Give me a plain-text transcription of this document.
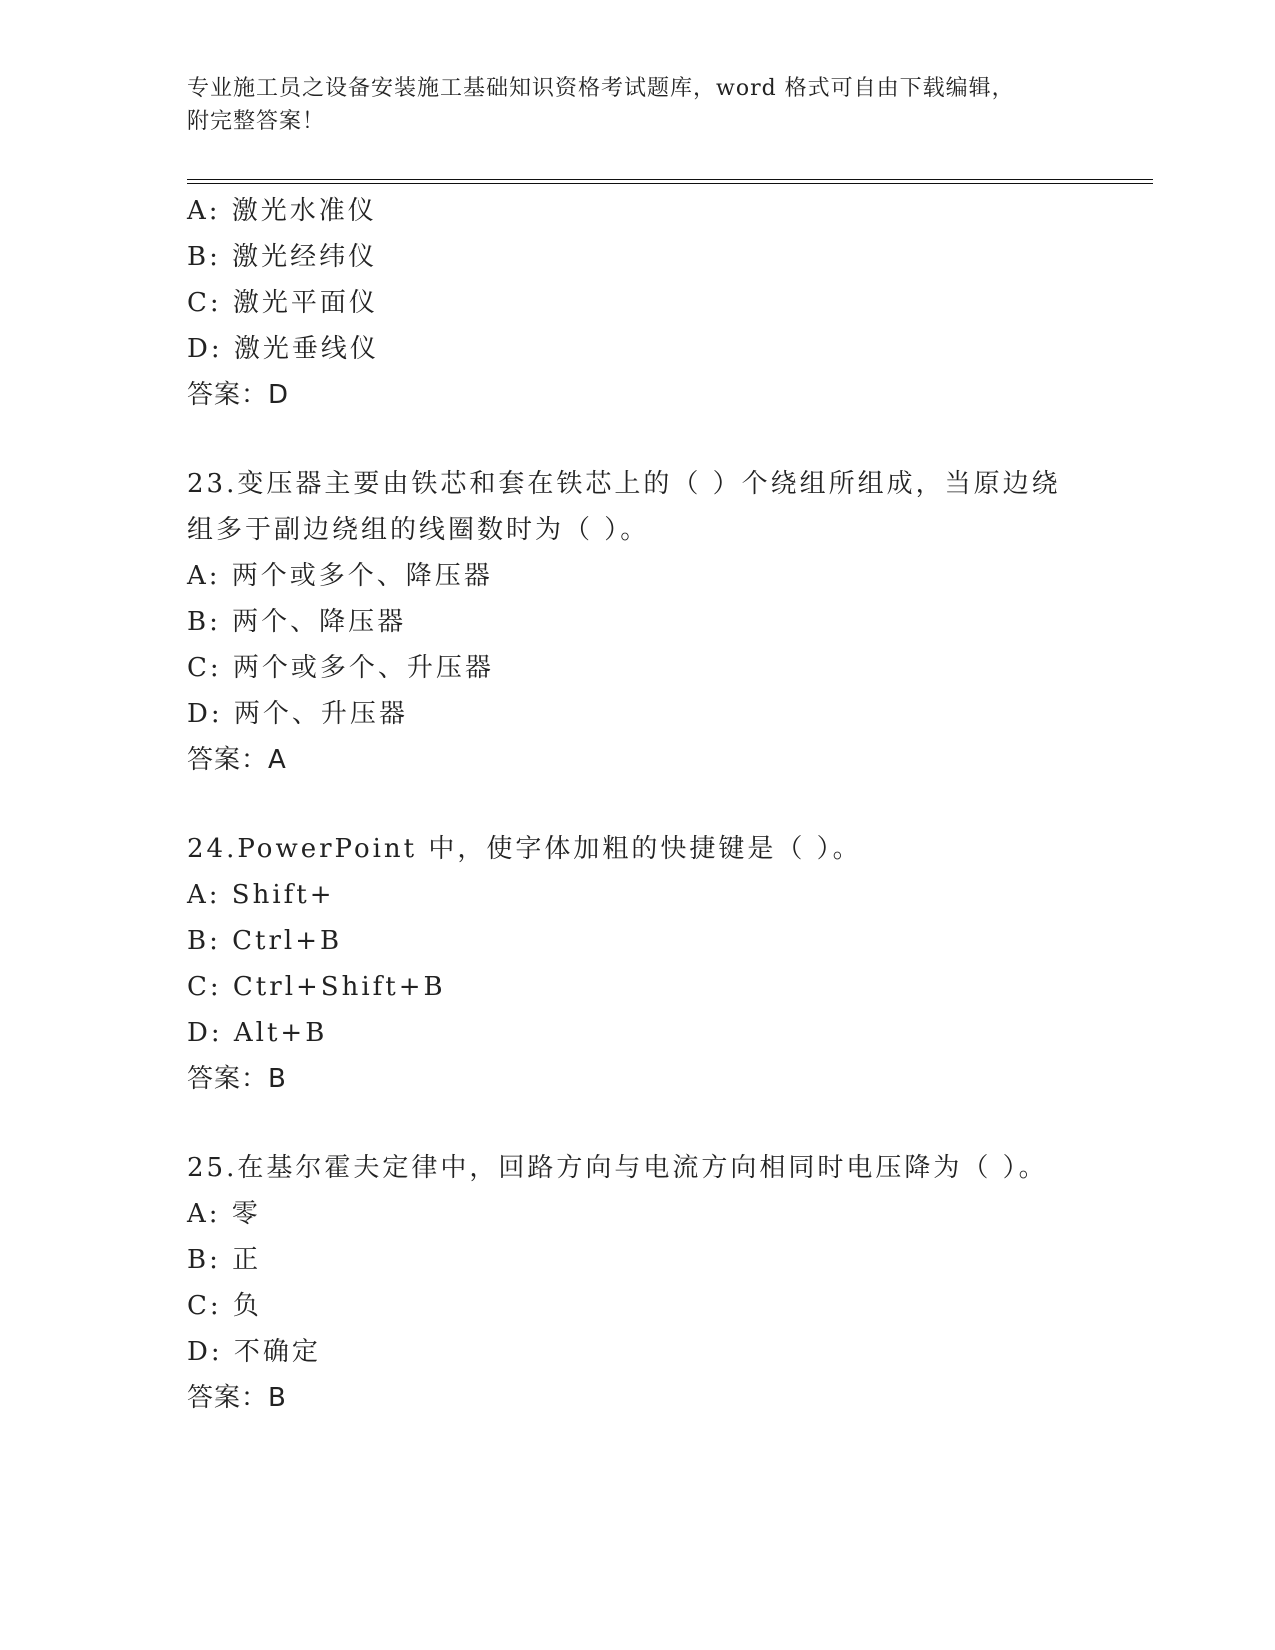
专业施工员之设备安装施工基础知识资格考试题库，word 格式可自由下载编辑，
附完整答案！
A: 激光水准仪
B: 激光经纬仪
C: 激光平面仪
D: 激光垂线仪
答案：D
23.变压器主要由铁芯和套在铁芯上的（ ）个绕组所组成，当原边绕
组多于副边绕组的线圈数时为（ ）。
A: 两个或多个、降压器
B: 两个、降压器
C: 两个或多个、升压器
D: 两个、升压器
答案：A
24.PowerPoint 中，使字体加粗的快捷键是（ ）。
A: Shift+
B: Ctrl+B
C: Ctrl+Shift+B
D: Alt+B
答案：B
25.在基尔霍夫定律中，回路方向与电流方向相同时电压降为（ ）。
A: 零
B: 正
C: 负
D: 不确定
答案：B
